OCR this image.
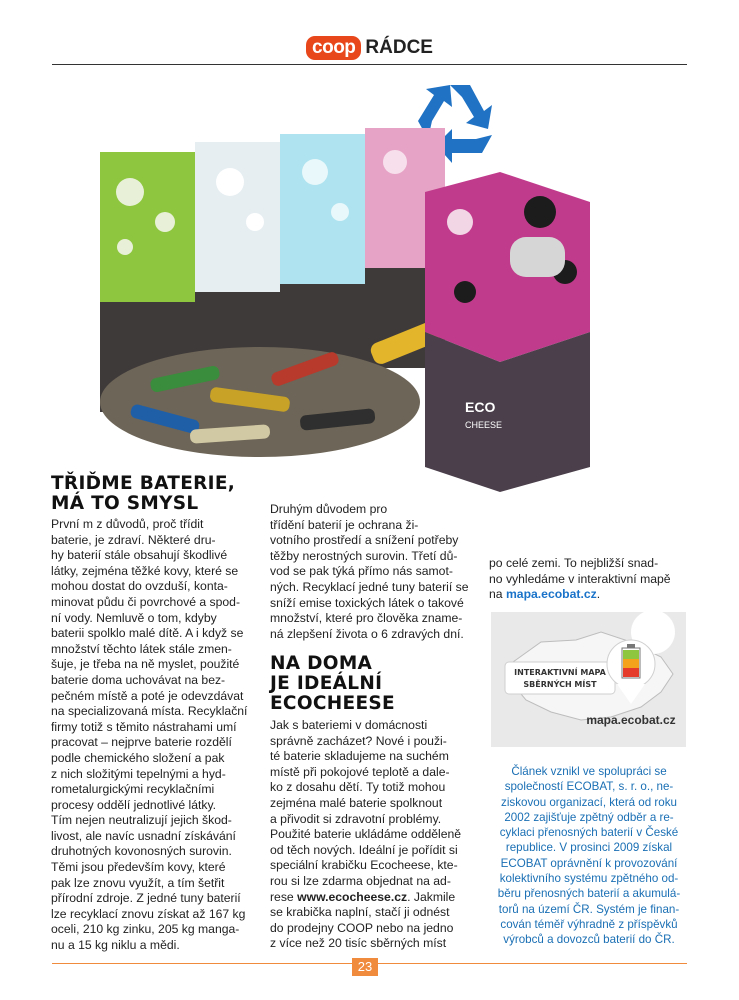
coop RÁDCE
ECO
CHEESE
TŘIĎME BATERIE,
MÁ TO SMYSL

První m z důvodů, proč třídit
baterie, je zdraví. Některé dru-
hy baterií stále obsahují škodlivé
látky, zejména těžké kovy, které se
mohou dostat do ovzduší, konta-
minovat půdu či povrchové a spod-
ní vody. Nemluvě o tom, kdyby
baterii spolklo malé dítě. A i když se
množství těchto látek stále zmen-
šuje, je třeba na ně myslet, použité
baterie doma uchovávat na bez-
pečném místě a poté je odevzdávat
na specializovaná místa. Recyklační
firmy totiž s těmito nástrahami umí
pracovat – nejprve baterie rozdělí
podle chemického složení a pak
z nich složitými tepelnými a hyd-
rometalurgickými recyklačními
procesy oddělí jednotlivé látky.
Tím nejen neutralizují jejich škod-
livost, ale navíc usnadní získávání
druhotných kovonosných surovin.
Těmi jsou především kovy, které
pak lze znovu využít, a tím šetřit
přírodní zdroje. Z jedné tuny baterií
lze recyklací znovu získat až 167 kg
oceli, 210 kg zinku, 205 kg manga-
nu a 15 kg niklu a mědi.

Druhým důvodem pro
třídění baterií je ochrana ži-
votního prostředí a snížení potřeby
těžby nerostných surovin. Třetí dů-
vod se pak týká přímo nás samot-
ných. Recyklací jedné tuny baterií se
sníží emise toxických látek o takové
množství, které pro člověka zname-
ná zlepšení života o 6 zdravých dní.

NA DOMA
JE IDEÁLNÍ
ECOCHEESE

Jak s bateriemi v domácnosti
správně zacházet? Nové i použi-
té baterie skladujeme na suchém
místě při pokojové teplotě a dale-
ko z dosahu dětí. Ty totiž mohou
zejména malé baterie spolknout
a přivodit si zdravotní problémy.
Použité baterie ukládáme odděleně
od těch nových. Ideální je pořídit si
speciální krabičku Ecocheese, kte-
rou si lze zdarma objednat na ad-
rese www.ecocheese.cz. Jakmile
se krabička naplní, stačí ji odnést
do prodejny COOP nebo na jedno
z více než 20 tisíc sběrných míst

po celé zemi. To nejbližší snad-
no vyhledáme v interaktivní mapě
na mapa.ecobat.cz.

INTERAKTIVNÍ MAPA
SBĚRNÝCH MÍST
mapa.ecobat.cz
Článek vznikl ve spolupráci se
společností ECOBAT, s. r. o., ne-
ziskovou organizací, která od roku
2002 zajišťuje zpětný odběr a re-
cyklaci přenosných baterií v České
republice. V prosinci 2009 získal
ECOBAT oprávnění k provozování
kolektivního systému zpětného od-
běru přenosných baterií a akumulá-
torů na území ČR. Systém je finan-
cován téměř výhradně z příspěvků
výrobců a dovozců baterií do ČR.
23
